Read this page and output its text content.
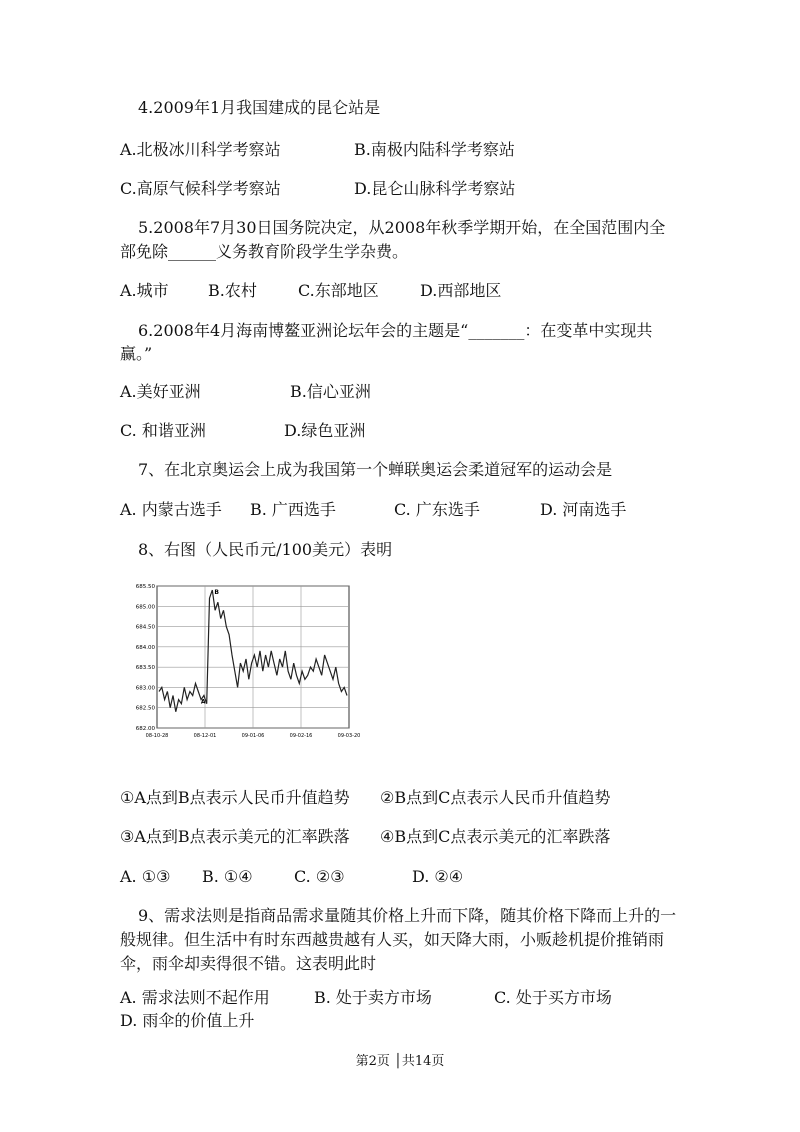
4.2009年1月我国建成的昆仑站是
A.北极冰川科学考察站	B.南极内陆科学考察站
C.高原气候科学考察站	D.昆仑山脉科学考察站
5.2008年7月30日国务院决定，从2008年秋季学期开始，在全国范围内全
部免除______义务教育阶段学生学杂费。
A.城市 B.农村	C.东部地区	D.西部地区
6.2008年4月海南博鳌亚洲论坛年会的主题是“_______：在变革中实现共
赢。”
A.美好亚洲	B.信心亚洲
C. 和谐亚洲	D.绿色亚洲
7、在北京奥运会上成为我国第一个蝉联奥运会柔道冠军的运动会是
A. 内蒙古选手 B. 广西选手	C. 广东选手	D. 河南选手
8、右图（人民币元/100美元）表明
685.50
685.00
684.50
684.00
683.50
683.00
682.50
682.00
08-10-28	08-12-01	09-01-06	09-02-16	09-03-20
A
B
①A点到B点表示人民币升值趋势 ②B点到C点表示人民币升值趋势
③A点到B点表示美元的汇率跌落 ④B点到C点表示美元的汇率跌落
A. ①③ B. ①④	C. ②③	D. ②④
9、需求法则是指商品需求量随其价格上升而下降，随其价格下降而上升的一
般规律。但生活中有时东西越贵越有人买，如天降大雨，小贩趁机提价推销雨
伞，雨伞却卖得很不错。这表明此时
A. 需求法则不起作用	B. 处于卖方市场	C. 处于买方市场
D. 雨伞的价值上升
第2页 │共14页
